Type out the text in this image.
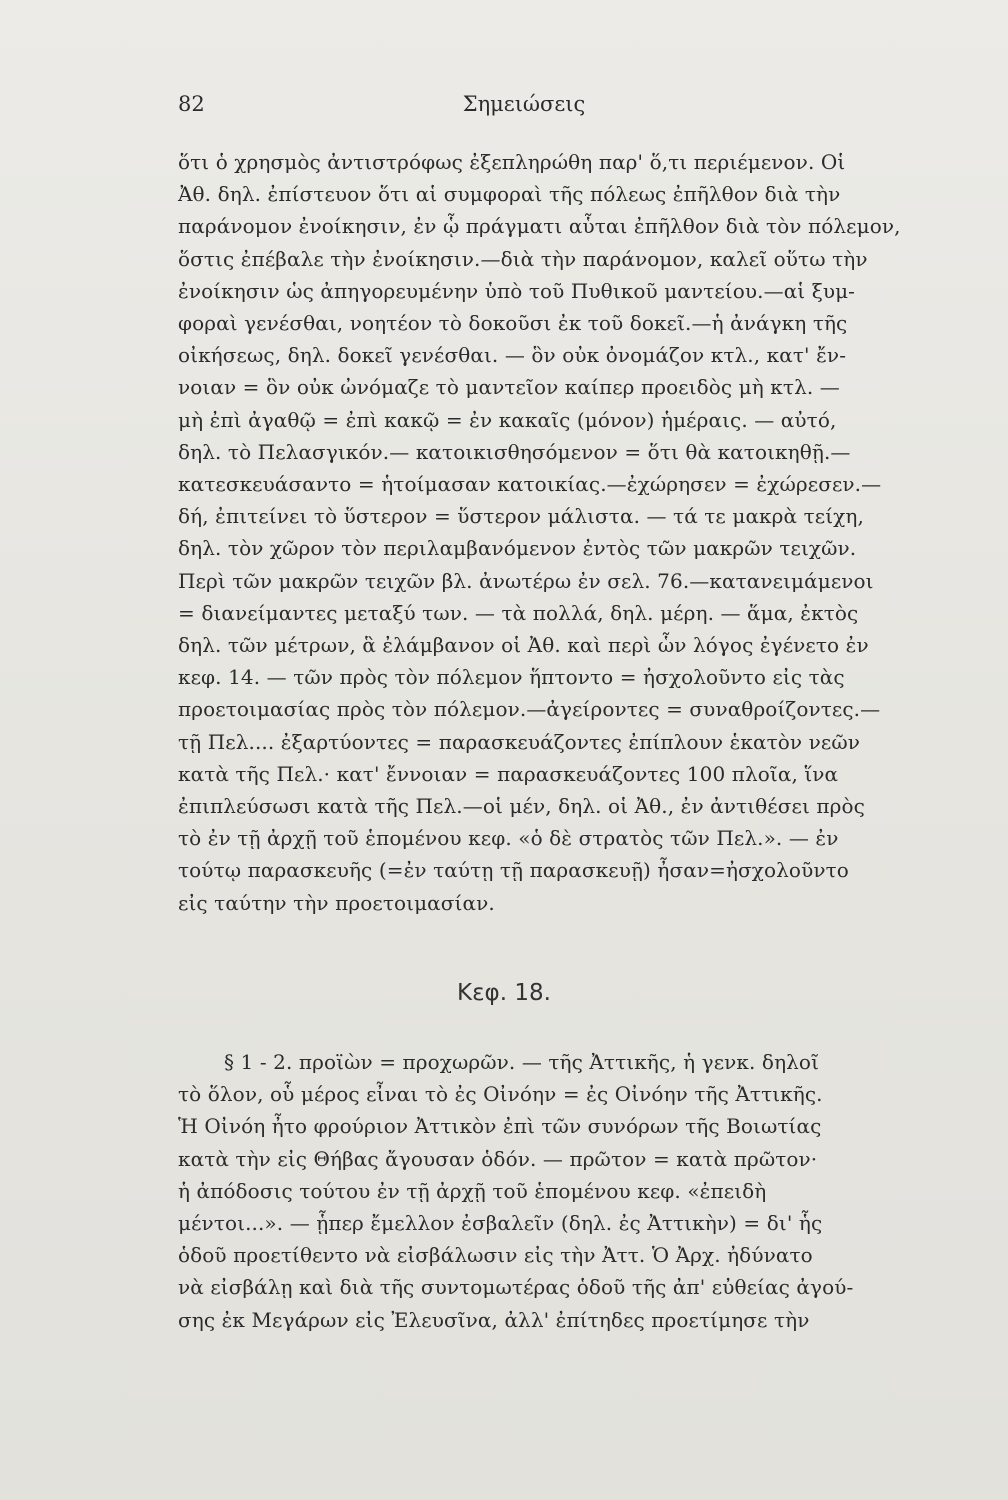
82	Σημειώσεις
ὅτι ὁ χρησμὸς ἀντιστρόφως ἐξεπληρώθη παρ' ὅ,τι περιέμενον. Οἱ
Ἀθ. δηλ. ἐπίστευον ὅτι αἱ συμφοραὶ τῆς πόλεως ἐπῆλθον διὰ τὴν
παράνομον ἐνοίκησιν, ἐν ᾧ πράγματι αὗται ἐπῆλθον διὰ τὸν πόλεμον,
ὅστις ἐπέβαλε τὴν ἐνοίκησιν.—διὰ τὴν παράνομον, καλεῖ οὕτω τὴν
ἐνοίκησιν ὡς ἀπηγορευμένην ὑπὸ τοῦ Πυθικοῦ μαντείου.—αἱ ξυμ-
φοραὶ γενέσθαι, νοητέον τὸ δοκοῦσι ἐκ τοῦ δοκεῖ.—ἡ ἀνάγκη τῆς
οἰκήσεως, δηλ. δοκεῖ γενέσθαι. — ὃν οὐκ ὀνομάζον κτλ., κατ' ἔν-
νοιαν = ὃν οὐκ ὠνόμαζε τὸ μαντεῖον καίπερ προειδὸς μὴ κτλ. —
μὴ ἐπὶ ἀγαθῷ = ἐπὶ κακῷ = ἐν κακαῖς (μόνον) ἡμέραις. — αὐτό,
δηλ. τὸ Πελασγικόν.— κατοικισθησόμενον = ὅτι θὰ κατοικηθῇ.—
κατεσκευάσαντο = ἡτοίμασαν κατοικίας.—ἐχώρησεν = ἐχώρεσεν.—
δή, ἐπιτείνει τὸ ὕστερον = ὕστερον μάλιστα. — τά τε μακρὰ τείχη,
δηλ. τὸν χῶρον τὸν περιλαμβανόμενον ἐντὸς τῶν μακρῶν τειχῶν.
Περὶ τῶν μακρῶν τειχῶν βλ. ἀνωτέρω ἐν σελ. 76.—κατανειμάμενοι
= διανείμαντες μεταξύ των. — τὰ πολλά, δηλ. μέρη. — ἅμα, ἐκτὸς
δηλ. τῶν μέτρων, ἃ ἐλάμβανον οἱ Ἀθ. καὶ περὶ ὧν λόγος ἐγένετο ἐν
κεφ. 14. — τῶν πρὸς τὸν πόλεμον ἥπτοντο = ἠσχολοῦντο εἰς τὰς
προετοιμασίας πρὸς τὸν πόλεμον.—ἀγείροντες = συναθροίζοντες.—
τῇ Πελ.... ἐξαρτύοντες = παρασκευάζοντες ἐπίπλουν ἑκατὸν νεῶν
κατὰ τῆς Πελ.· κατ' ἔννοιαν = παρασκευάζοντες 100 πλοῖα, ἵνα
ἐπιπλεύσωσι κατὰ τῆς Πελ.—οἱ μέν, δηλ. οἱ Ἀθ., ἐν ἀντιθέσει πρὸς
τὸ ἐν τῇ ἀρχῇ τοῦ ἑπομένου κεφ. «ὁ δὲ στρατὸς τῶν Πελ.». — ἐν
τούτῳ παρασκευῆς (=ἐν ταύτῃ τῇ παρασκευῇ) ἦσαν=ἠσχολοῦντο
εἰς ταύτην τὴν προετοιμασίαν.
Κεφ. 18.
§ 1 - 2. προϊὼν = προχωρῶν. — τῆς Ἀττικῆς, ἡ γενκ. δηλοῖ
τὸ ὅλον, οὗ μέρος εἶναι τὸ ἐς Οἰνόην = ἐς Οἰνόην τῆς Ἀττικῆς.
Ἡ Οἰνόη ἦτο φρούριον Ἀττικὸν ἐπὶ τῶν συνόρων τῆς Βοιωτίας
κατὰ τὴν εἰς Θήβας ἄγουσαν ὁδόν. — πρῶτον = κατὰ πρῶτον·
ἡ ἀπόδοσις τούτου ἐν τῇ ἀρχῇ τοῦ ἑπομένου κεφ. «ἐπειδὴ
μέντοι...». — ᾗπερ ἔμελλον ἐσβαλεῖν (δηλ. ἐς Ἀττικὴν) = δι' ἧς
ὁδοῦ προετίθεντο νὰ εἰσβάλωσιν εἰς τὴν Ἀττ. Ὁ Ἀρχ. ἠδύνατο
νὰ εἰσβάλῃ καὶ διὰ τῆς συντομωτέρας ὁδοῦ τῆς ἀπ' εὐθείας ἀγού-
σης ἐκ Μεγάρων εἰς Ἐλευσῖνα, ἀλλ' ἐπίτηδες προετίμησε τὴν
